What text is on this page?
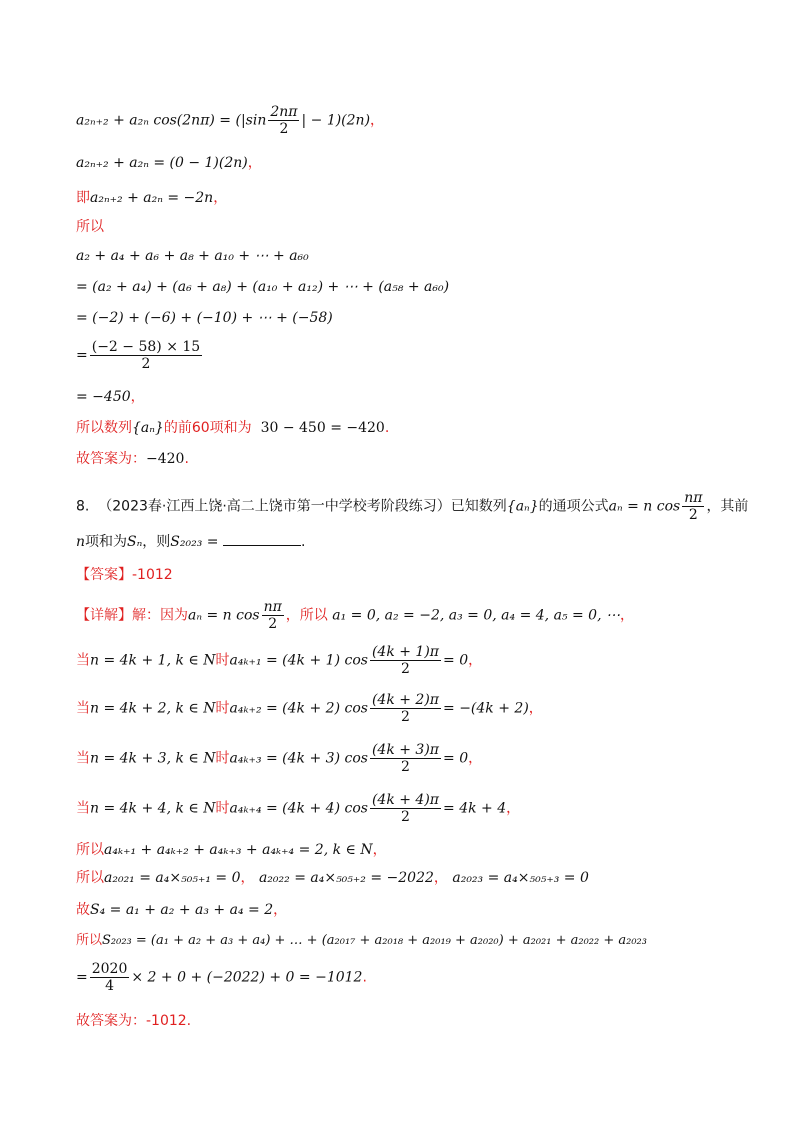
a₂ₙ₊₂ + a₂ₙ $\cos(2n\pi) = (|\sin \frac{2n\pi}{2}$ | − 1)(2n)，
a₂ₙ₊₂ + a₂ₙ = (0 − 1)(2n)，
即a₂ₙ₊₂ + a₂ₙ = −2n，
所以
a₂ + a₄ + a₆ + a₈ + a₁₀ + ⋯ + a₆₀
= (a₂ + a₄) + (a₆ + a₈) + (a₁₀ + a₁₂) + ⋯ + (a₅₈ + a₆₀)
= (−2) + (−6) + (−10) + ⋯ + (−58)
= $\frac{(-2 - 58) \times 15}{2}$
= −450，
所以数列{aₙ}的前60项和为 30 − 450 = −420.
故答案为：−420.
8. （2023春·江西上饶·高二上饶市第一中学校考阶段练习）已知数列{aₙ}的通项公式aₙ = n $\cos \frac{n\pi}{2}$ ，其前
n项和为Sₙ，则S₂₀₂₃ =	.
【答案】-1012
【详解】解：因为aₙ = n $\cos \frac{n\pi}{2}$ ，所以 a₁ = 0, a₂ = −2, a₃ = 0, a₄ = 4, a₅ = 0, ⋯，
当n = 4k + 1, k ∈ N时a₄ₖ₊₁ = (4k + 1) $\cos \frac{(4k + 1)\pi}{2} = 0$，
当n = 4k + 2, k ∈ N时a₄ₖ₊₂ = (4k + 2) $\cos \frac{(4k + 2)\pi}{2} = -(4k + 2)$，
当n = 4k + 3, k ∈ N时a₄ₖ₊₃ = (4k + 3) $\cos \frac{(4k + 3)\pi}{2} = 0$，
当n = 4k + 4, k ∈ N时a₄ₖ₊₄ = (4k + 4) $\cos \frac{(4k + 4)\pi}{2} = 4k + 4$，
所以a₄ₖ₊₁ + a₄ₖ₊₂ + a₄ₖ₊₃ + a₄ₖ₊₄ = 2, k ∈ N，
所以a₂₀₂₁ = a₄×₅₀₅₊₁ = 0， a₂₀₂₂ = a₄×₅₀₅₊₂ = −2022， a₂₀₂₃ = a₄×₅₀₅₊₃ = 0
故S₄ = a₁ + a₂ + a₃ + a₄ = 2，
所以S₂₀₂₃ = (a₁ + a₂ + a₃ + a₄) + … + (a₂₀₁₇ + a₂₀₁₈ + a₂₀₁₉ + a₂₀₂₀) + a₂₀₂₁ + a₂₀₂₂ + a₂₀₂₃
= $\frac{2020}{4} \times 2 + 0 + (-2022) + 0 = -1012$.
故答案为：-1012.
